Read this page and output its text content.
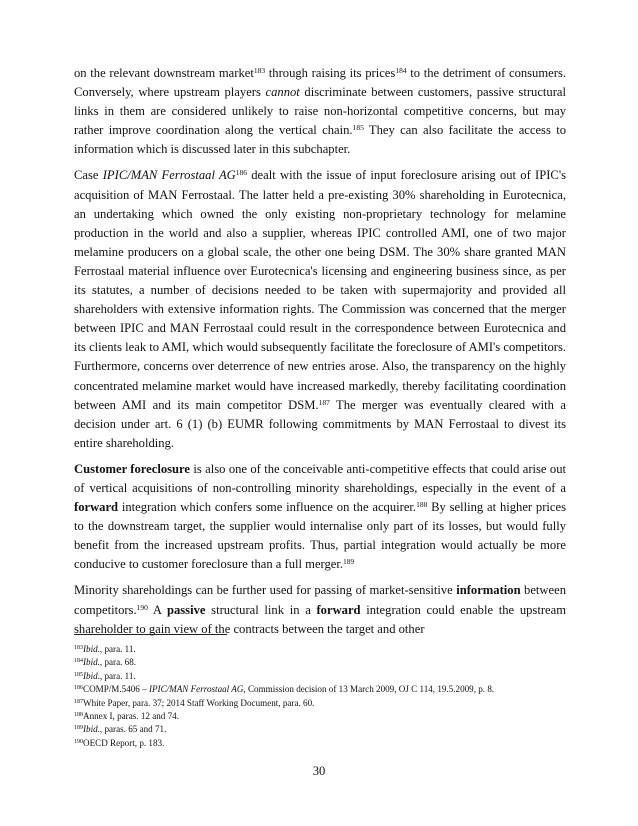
on the relevant downstream market$^{183}$ through raising its prices$^{184}$ to the detriment of consumers. Conversely, where upstream players cannot discriminate between customers, passive structural links in them are considered unlikely to raise non-horizontal competitive concerns, but may rather improve coordination along the vertical chain.$^{185}$ They can also facilitate the access to information which is discussed later in this subchapter.

Case IPIC/MAN Ferrostaal AG$^{186}$ dealt with the issue of input foreclosure arising out of IPIC's acquisition of MAN Ferrostaal. The latter held a pre-existing 30% shareholding in Eurotecnica, an undertaking which owned the only existing non-proprietary technology for melamine production in the world and also a supplier, whereas IPIC controlled AMI, one of two major melamine producers on a global scale, the other one being DSM. The 30% share granted MAN Ferrostaal material influence over Eurotecnica's licensing and engineering business since, as per its statutes, a number of decisions needed to be taken with supermajority and provided all shareholders with extensive information rights. The Commission was concerned that the merger between IPIC and MAN Ferrostaal could result in the correspondence between Eurotecnica and its clients leak to AMI, which would subsequently facilitate the foreclosure of AMI's competitors. Furthermore, concerns over deterrence of new entries arose. Also, the transparency on the highly concentrated melamine market would have increased markedly, thereby facilitating coordination between AMI and its main competitor DSM.$^{187}$ The merger was eventually cleared with a decision under art. 6 (1) (b) EUMR following commitments by MAN Ferrostaal to divest its entire shareholding.

Customer foreclosure is also one of the conceivable anti-competitive effects that could arise out of vertical acquisitions of non-controlling minority shareholdings, especially in the event of a forward integration which confers some influence on the acquirer.$^{188}$ By selling at higher prices to the downstream target, the supplier would internalise only part of its losses, but would fully benefit from the increased upstream profits. Thus, partial integration would actually be more conducive to customer foreclosure than a full merger.$^{189}$

Minority shareholdings can be further used for passing of market-sensitive information between competitors.$^{190}$ A passive structural link in a forward integration could enable the upstream shareholder to gain view of the contracts between the target and other

$^{183}$Ibid., para. 11.

$^{184}$Ibid., para. 68.

$^{185}$Ibid., para. 11.

$^{186}$COMP/M.5406 – IPIC/MAN Ferrostaal AG, Commission decision of 13 March 2009, OJ C 114, 19.5.2009, p. 8.

$^{187}$White Paper, para. 37; 2014 Staff Working Document, para. 60.

$^{188}$Annex I, paras. 12 and 74.

$^{189}$Ibid., paras. 65 and 71.

$^{190}$OECD Report, p. 183.

30
